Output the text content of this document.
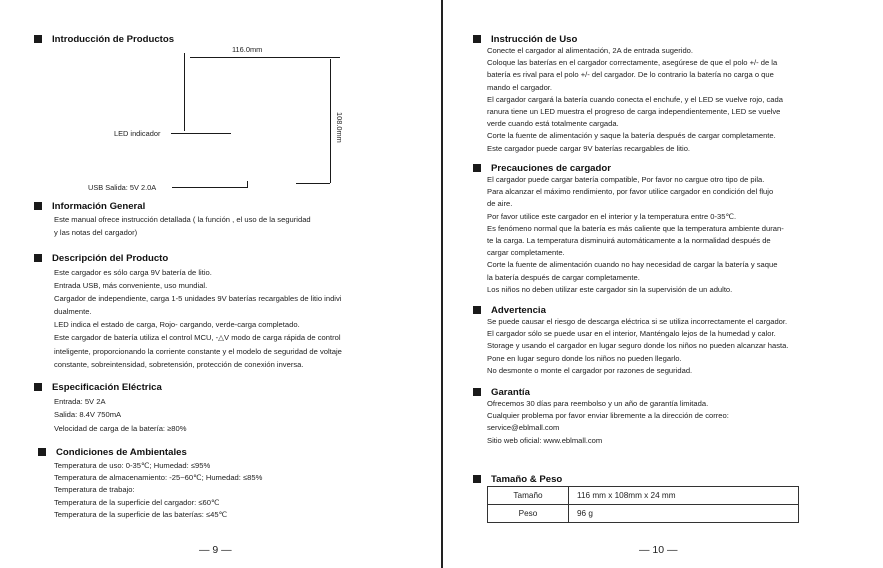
Introducción de Productos
116.0mm
108.0mm
LED indicador
USB Salida: 5V 2.0A
Información General
Este manual ofrece instrucción detallada ( la función , el uso de la seguridad
y las notas del cargador)
Descripción del Producto
Este cargador es sólo carga 9V batería de litio.
Entrada USB, más conveniente, uso mundial.
Cargador de independiente, carga 1-5 unidades 9V baterías recargables de litio indivi
dualmente.
LED indica el estado de carga, Rojo- cargando, verde-carga completado.
Este cargador de batería utiliza el control MCU, -△V modo de carga rápida de control
inteligente, proporcionando la corriente constante y el modelo de seguridad de voltaje
constante, sobreintensidad, sobretensión, protección de conexión inversa.
Especificación Eléctrica
Entrada: 5V 2A
Salida: 8.4V 750mA
Velocidad de carga de la batería: ≥80%
Condiciones de Ambientales
Temperatura de uso: 0-35℃; Humedad: ≤95%
Temperatura de almacenamiento: -25~60℃; Humedad: ≤85%
Temperatura de trabajo:
Temperatura de la superficie del cargador: ≤60℃
Temperatura de la superficie de las baterías: ≤45℃
— 9 —
Instrucción de Uso
Conecte el cargador al alimentación, 2A de entrada sugerido.
Coloque las baterías en el cargador correctamente, asegúrese de que el polo +/- de la
batería es rival para el polo +/- del cargador. De lo contrario la batería no carga o que
mando el cargador.
El cargador cargará la batería cuando conecta el enchufe, y el LED se vuelve rojo, cada
ranura tiene un LED muestra el progreso de carga independientemente, LED se vuelve
verde cuando está totalmente cargada.
Corte la fuente de alimentación y saque la batería después de cargar completamente.
Este cargador puede cargar 9V baterías recargables de litio.
Precauciones de cargador
El cargador puede cargar batería compatible, Por favor no cargue otro tipo de pila.
Para alcanzar el máximo rendimiento, por favor utilice cargador en condición del flujo
de aire.
Por favor utilice este cargador en el interior y la temperatura entre 0-35℃.
Es fenómeno normal que la batería es más caliente que la temperatura ambiente duran-
te la carga. La temperatura disminuirá automáticamente a la normalidad después de
cargar completamente.
Corte la fuente de alimentación cuando no hay necesidad de cargar la batería y saque
la batería después de cargar completamente.
Los niños no deben utilizar este cargador sin la supervisión de un adulto.
Advertencia
Se puede causar el riesgo de descarga eléctrica si se utiliza incorrectamente el cargador.
El cargador sólo se puede usar en el interior, Manténgalo lejos de la humedad y calor.
Storage y usando el cargador en lugar seguro donde los niños no pueden alcanzar hasta.
Pone en lugar seguro donde los niños no pueden llegarlo.
No desmonte o monte el cargador por razones de seguridad.
Garantía
Ofrecemos 30 días para reembolso y un año de garantía limitada.
Cualquier problema por favor enviar libremente a la dirección de correo:
service@eblmall.com
Sitio web oficial: www.eblmall.com
Tamaño & Peso
Tamaño	116 mm x 108mm x 24 mm
Peso	96 g
— 10 —
